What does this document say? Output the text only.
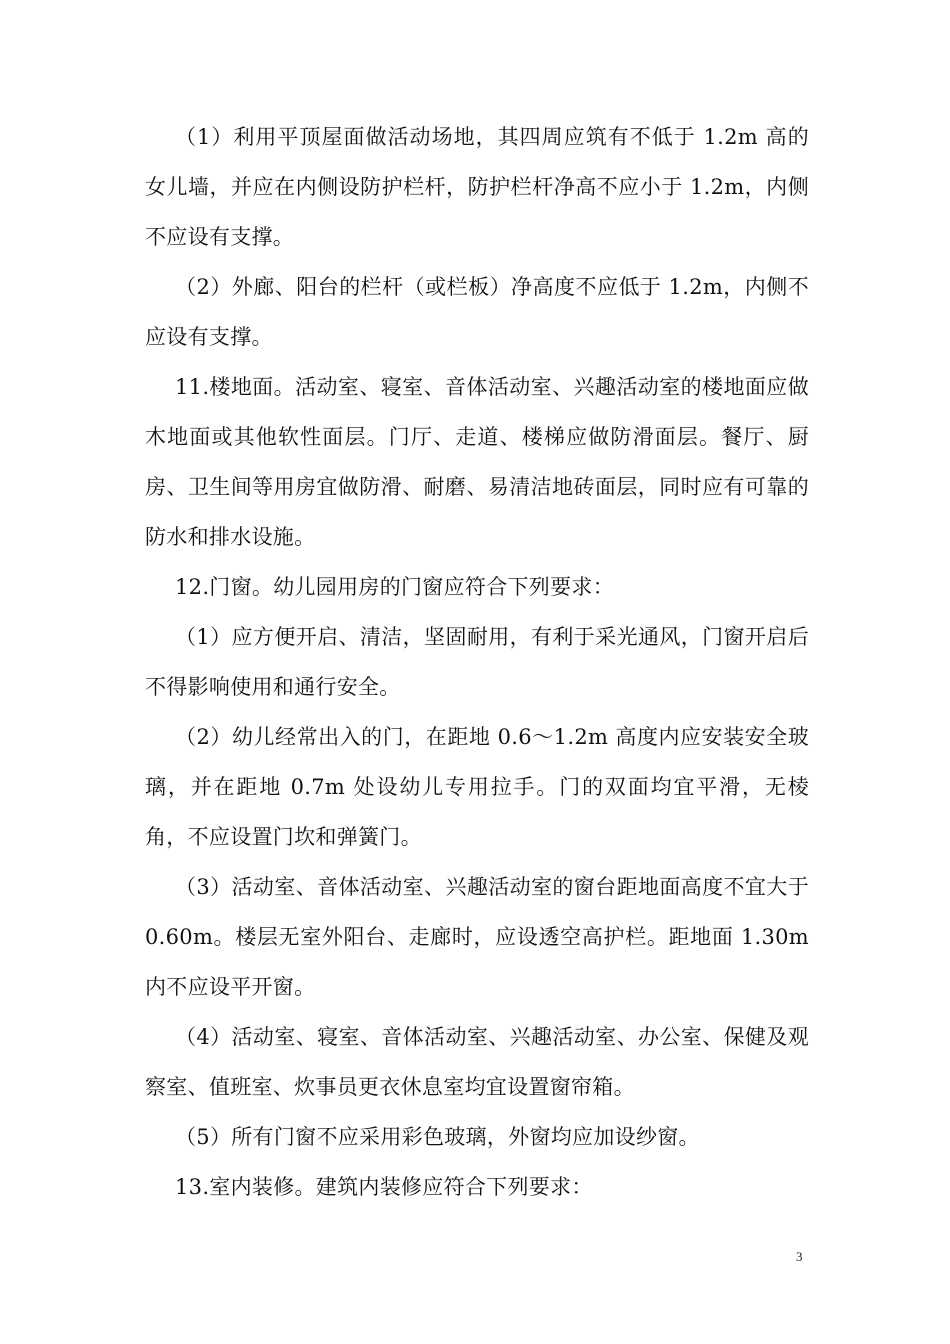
（1）利用平顶屋面做活动场地，其四周应筑有不低于 1.2m 高的女儿墙，并应在内侧设防护栏杆，防护栏杆净高不应小于 1.2m，内侧不应设有支撑。

（2）外廊、阳台的栏杆（或栏板）净高度不应低于 1.2m，内侧不应设有支撑。

11.楼地面。活动室、寝室、音体活动室、兴趣活动室的楼地面应做木地面或其他软性面层。门厅、走道、楼梯应做防滑面层。餐厅、厨房、卫生间等用房宜做防滑、耐磨、易清洁地砖面层，同时应有可靠的防水和排水设施。

12.门窗。幼儿园用房的门窗应符合下列要求：

（1）应方便开启、清洁，坚固耐用，有利于采光通风，门窗开启后不得影响使用和通行安全。

（2）幼儿经常出入的门，在距地 0.6～1.2m 高度内应安装安全玻璃，并在距地 0.7m 处设幼儿专用拉手。门的双面均宜平滑，无棱角，不应设置门坎和弹簧门。

（3）活动室、音体活动室、兴趣活动室的窗台距地面高度不宜大于 0.60m。楼层无室外阳台、走廊时，应设透空高护栏。距地面 1.30m 内不应设平开窗。

（4）活动室、寝室、音体活动室、兴趣活动室、办公室、保健及观察室、值班室、炊事员更衣休息室均宜设置窗帘箱。

（5）所有门窗不应采用彩色玻璃，外窗均应加设纱窗。

13.室内装修。建筑内装修应符合下列要求：

3
